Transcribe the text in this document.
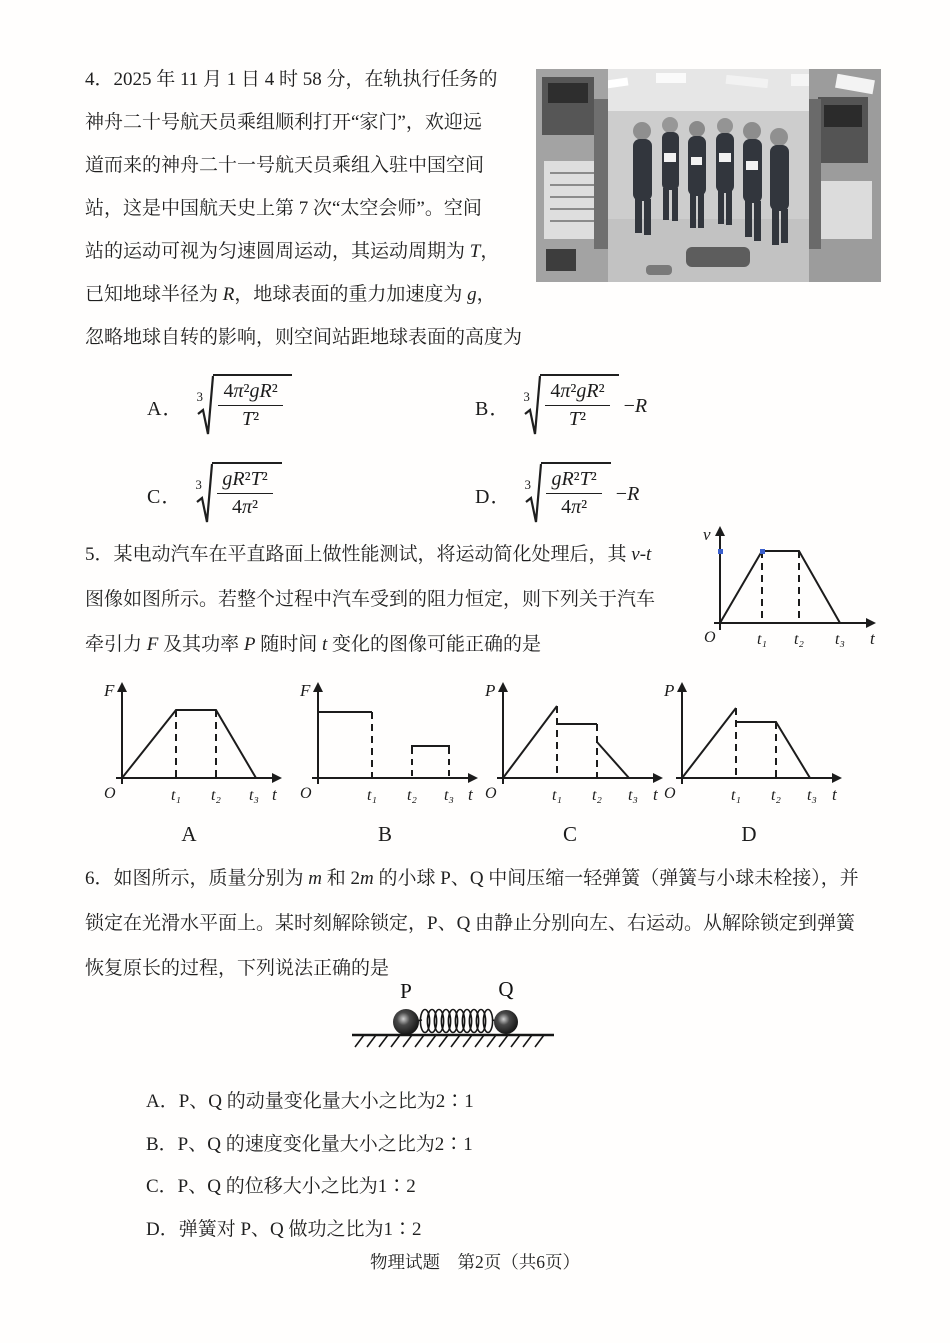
4．2025 年 11 月 1 日 4 时 58 分，在轨执行任务的
神舟二十号航天员乘组顺利打开“家门”，欢迎远
道而来的神舟二十一号航天员乘组入驻中国空间
站，这是中国航天史上第 7 次“太空会师”。空间
站的运动可视为匀速圆周运动，其运动周期为 T，
已知地球半径为 R，地球表面的重力加速度为 g，
忽略地球自转的影响，则空间站距地球表面的高度为
A．
$3 \frac{\text{4π²gR²}}{\text{T²}}$	B．
$3 \frac{\text{4π²gR²}}{\text{T²}} -R$
C．
$3 \frac{\text{gR²T²}}{\text{4π²}}$	D．
$3 \frac{\text{gR²T²}}{\text{4π²}} -R$
5．某电动汽车在平直路面上做性能测试，将运动简化处理后，其 v-t
图像如图所示。若整个过程中汽车受到的阻力恒定，则下列关于汽车
牵引力 F 及其功率 P 随时间 t 变化的图像可能正确的是
v
O	t₁ t₂ t₃ t
F
O	t₁ t₂ t₃ t
A
F
O	t₁ t₂ t₃ t
B
P
O	t₁ t₂ t₃ t
C
P
O	t₁ t₂ t₃ t
D
6．如图所示，质量分别为 m 和 2m 的小球 P、Q 中间压缩一轻弹簧（弹簧与小球未栓接），并
锁定在光滑水平面上。某时刻解除锁定，P、Q 由静止分别向左、右运动。从解除锁定到弹簧
恢复原长的过程，下列说法正确的是
P	Q
A．P、Q 的动量变化量大小之比为2∶1
B．P、Q 的速度变化量大小之比为2∶1
C．P、Q 的位移大小之比为1∶2
D．弹簧对 P、Q 做功之比为1∶2
物理试题　第2页（共6页）
